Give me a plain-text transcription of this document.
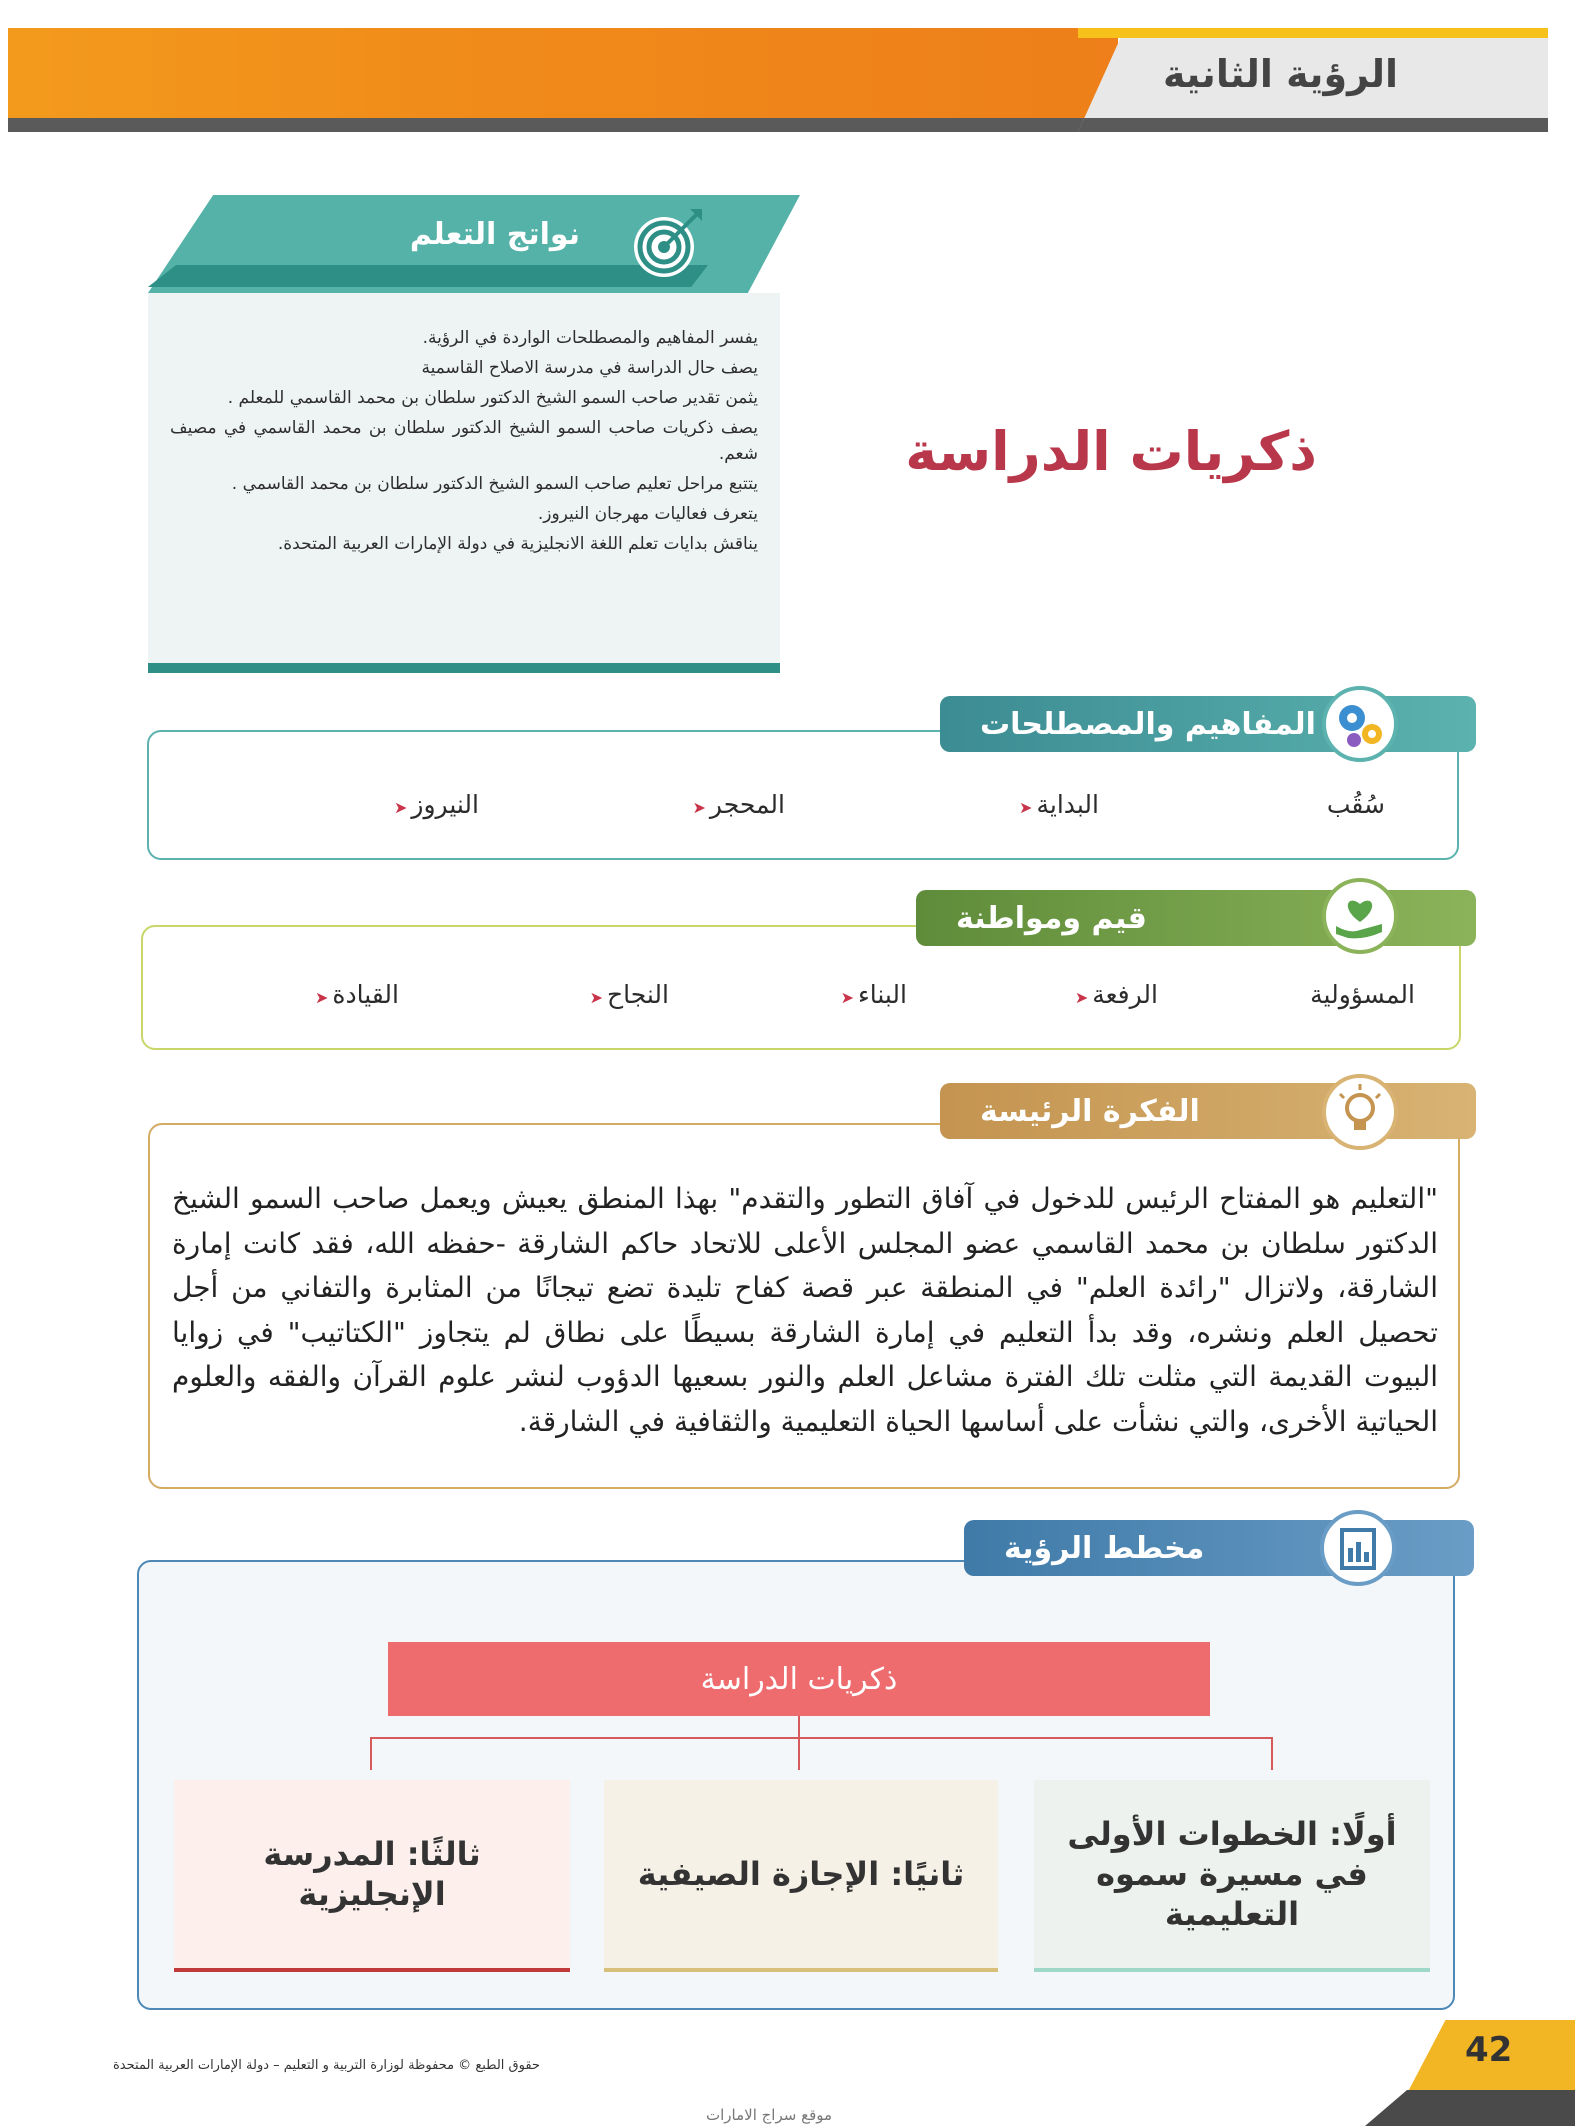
الرؤية الثانية
نواتج التعلم
يفسر المفاهيم والمصطلحات الواردة في الرؤية.
يصف حال الدراسة في مدرسة الاصلاح القاسمية
يثمن تقدير صاحب السمو الشيخ الدكتور سلطان بن محمد القاسمي للمعلم .
يصف ذكريات صاحب السمو الشيخ الدكتور سلطان بن محمد القاسمي في مصيف شعم.
يتتبع مراحل تعليم صاحب السمو الشيخ الدكتور سلطان بن محمد القاسمي .
يتعرف فعاليات مهرجان النيروز.
يناقش بدايات تعلم اللغة الانجليزية في دولة الإمارات العربية المتحدة.
ذكريات الدراسة
المفاهيم والمصطلحات
سُقُب
البداية➤
المحجر➤
النيروز➤
قيم ومواطنة
المسؤولية
الرفعة➤
البناء➤
النجاح➤
القيادة➤
"التعليم هو المفتاح الرئيس للدخول في آفاق التطور والتقدم" بهذا المنطق يعيش ويعمل صاحب السمو الشيخ الدكتور سلطان بن محمد القاسمي عضو المجلس الأعلى للاتحاد حاكم الشارقة -حفظه الله، فقد كانت إمارة الشارقة، ولاتزال "رائدة العلم" في المنطقة عبر قصة كفاح تليدة تضع تيجانًا من المثابرة والتفاني من أجل تحصيل العلم ونشره، وقد بدأ التعليم في إمارة الشارقة بسيطًا على نطاق لم يتجاوز "الكتاتيب" في زوايا البيوت القديمة التي مثلت تلك الفترة مشاعل العلم والنور بسعيها الدؤوب لنشر علوم القرآن والفقه والعلوم الحياتية الأخرى، والتي نشأت على أساسها الحياة التعليمية والثقافية في الشارقة.
الفكرة الرئيسة
مخطط الرؤية
ذكريات الدراسة
أولًا: الخطوات الأولى في مسيرة سموه التعليمية
ثانيًا: الإجازة الصيفية
ثالثًا: المدرسة الإنجليزية
حقوق الطبع © محفوظة لوزارة التربية و التعليم – دولة الإمارات العربية المتحدة
موقع سراج الامارات
42
